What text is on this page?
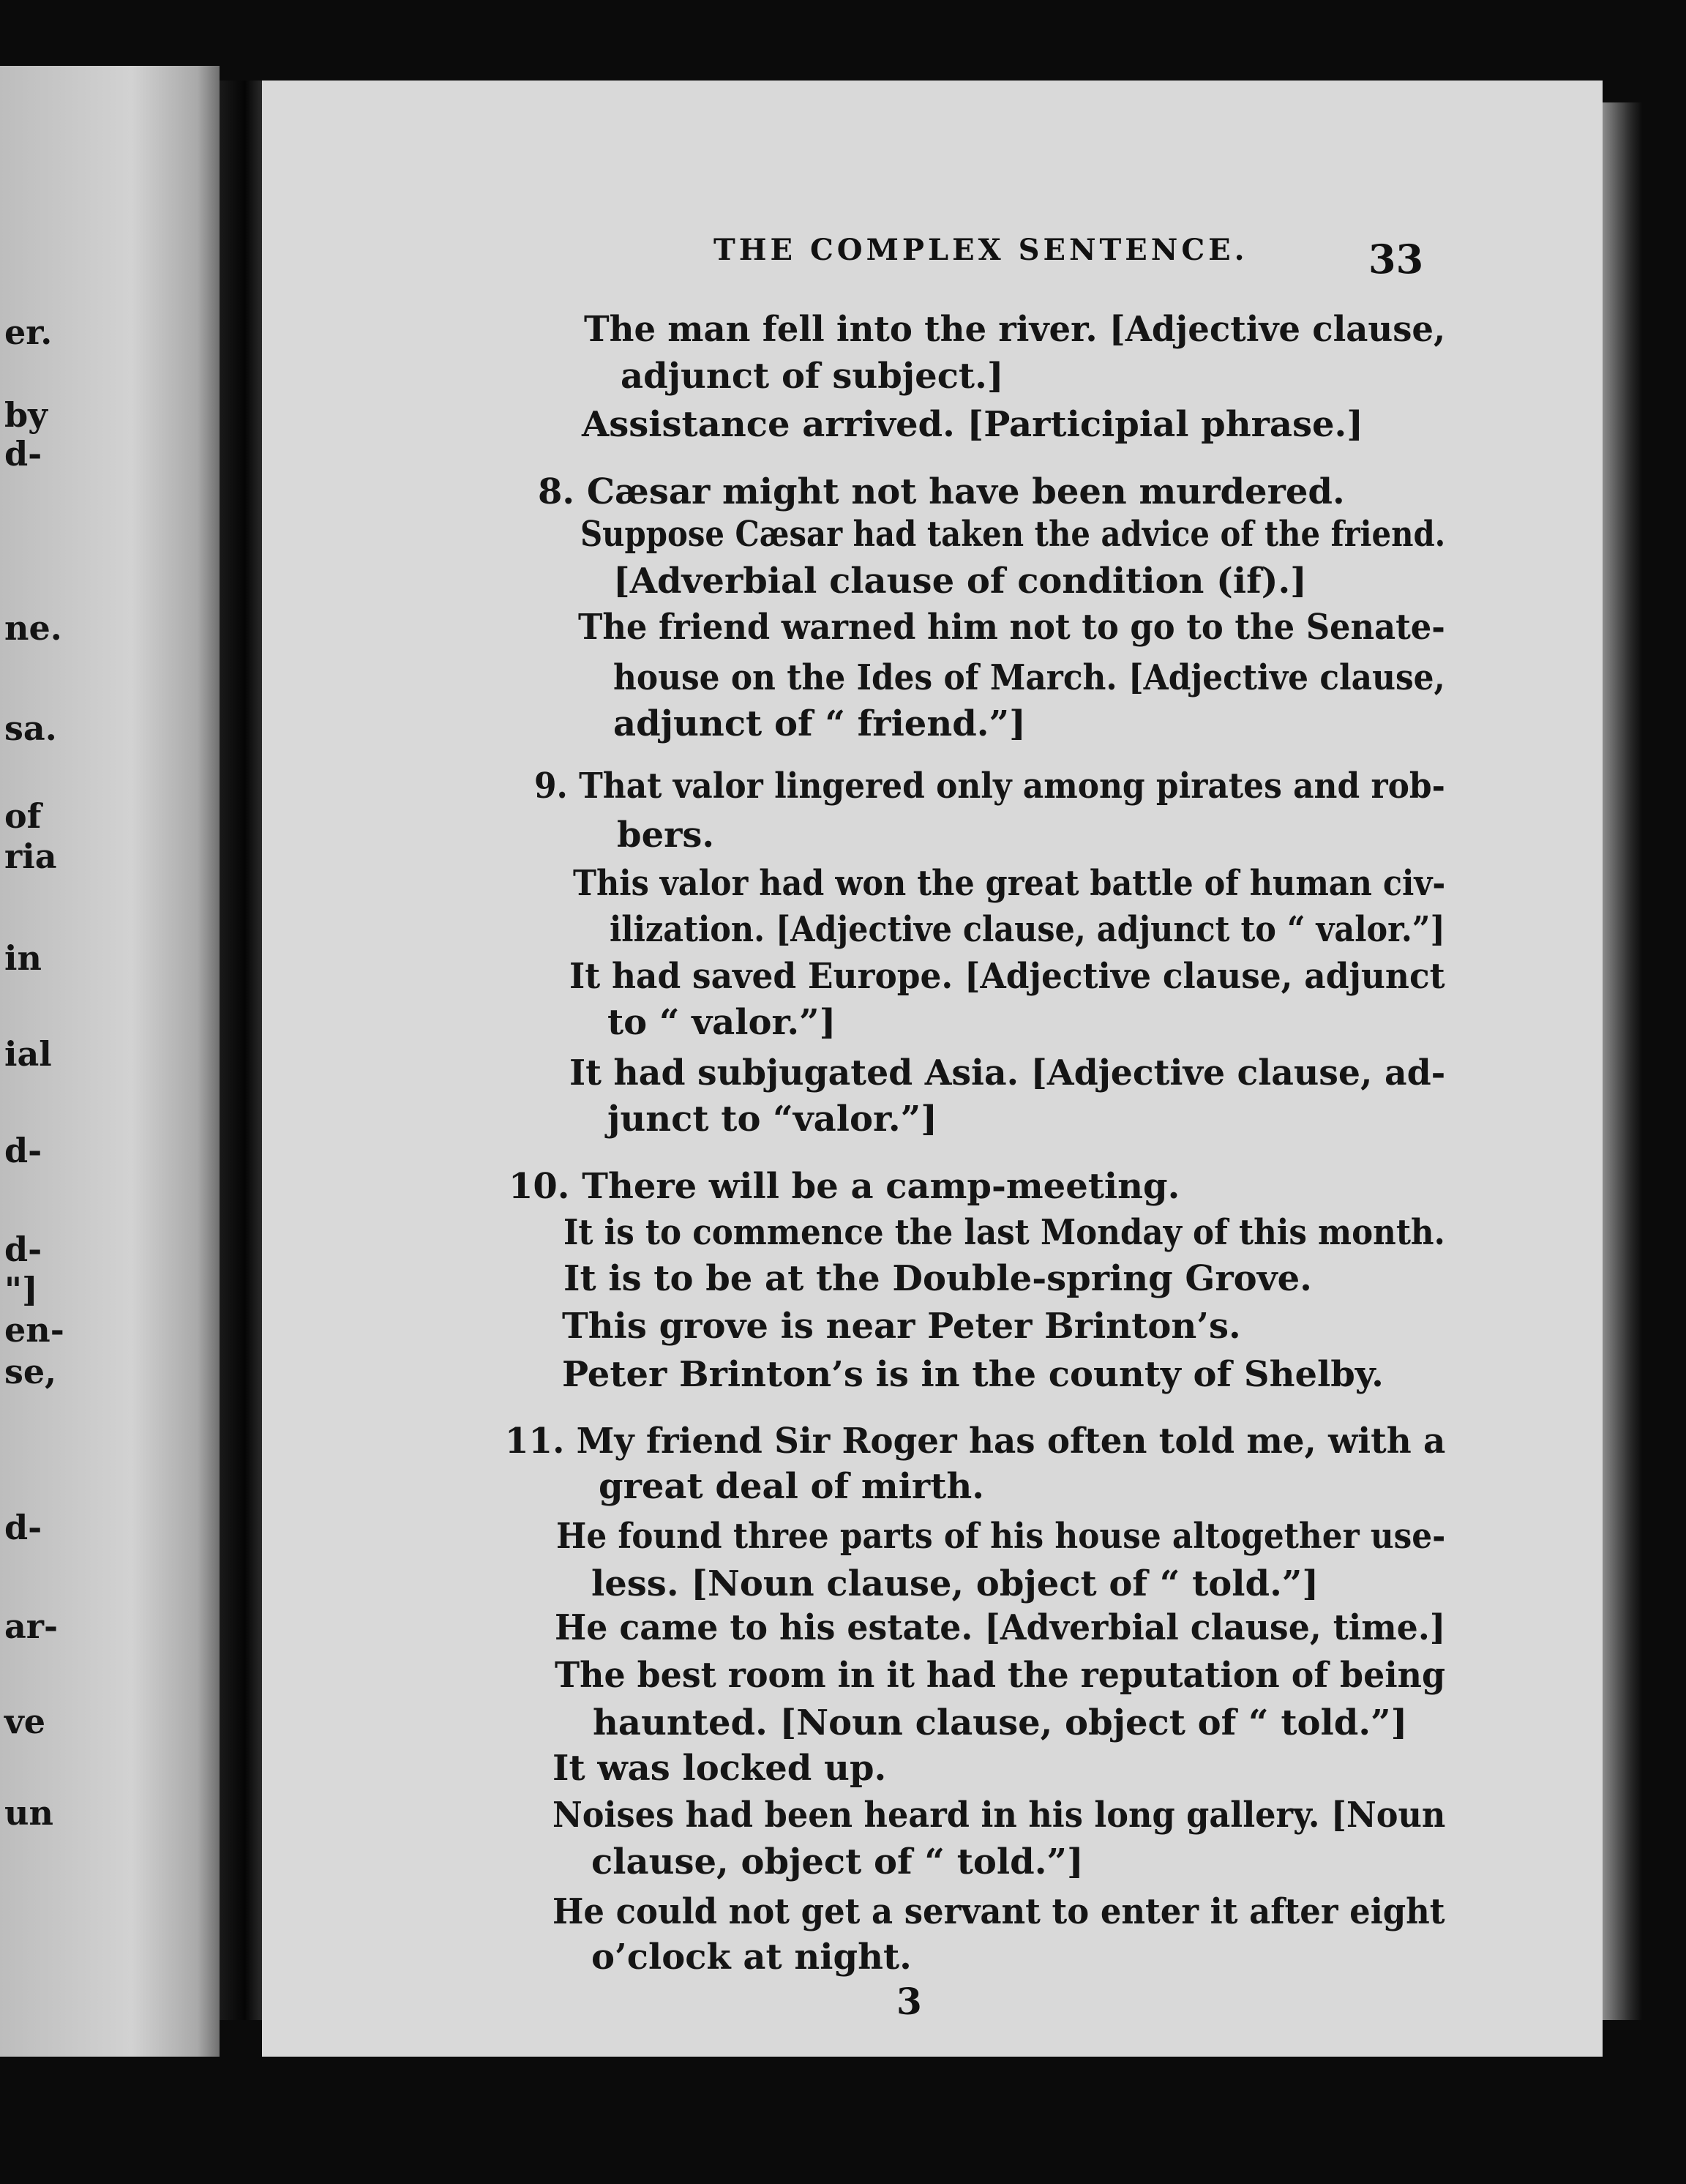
er.
by
d-
ne.
sa.
of
ria
in
ial
d-
d-
"]
en-
se,
d-
ar-
ve
un
THE COMPLEX SENTENCE.	33
The man fell into the river. [Adjective clause,
adjunct of subject.]
Assistance arrived. [Participial phrase.]
8. Cæsar might not have been murdered.
Suppose Cæsar had taken the advice of the friend.
[Adverbial clause of condition (if).]
The friend warned him not to go to the Senate-
house on the Ides of March. [Adjective clause,
adjunct of “ friend.”]
9. That valor lingered only among pirates and rob-
bers.
This valor had won the great battle of human civ-
ilization. [Adjective clause, adjunct to “ valor.”]
It had saved Europe. [Adjective clause, adjunct
to “ valor.”]
It had subjugated Asia. [Adjective clause, ad-
junct to “valor.”]
10. There will be a camp-meeting.
It is to commence the last Monday of this month.
It is to be at the Double-spring Grove.
This grove is near Peter Brinton’s.
Peter Brinton’s is in the county of Shelby.
11. My friend Sir Roger has often told me, with a
great deal of mirth.
He found three parts of his house altogether use-
less. [Noun clause, object of “ told.”]
He came to his estate. [Adverbial clause, time.]
The best room in it had the reputation of being
haunted. [Noun clause, object of “ told.”]
It was locked up.
Noises had been heard in his long gallery. [Noun
clause, object of “ told.”]
He could not get a servant to enter it after eight
o’clock at night.
3
